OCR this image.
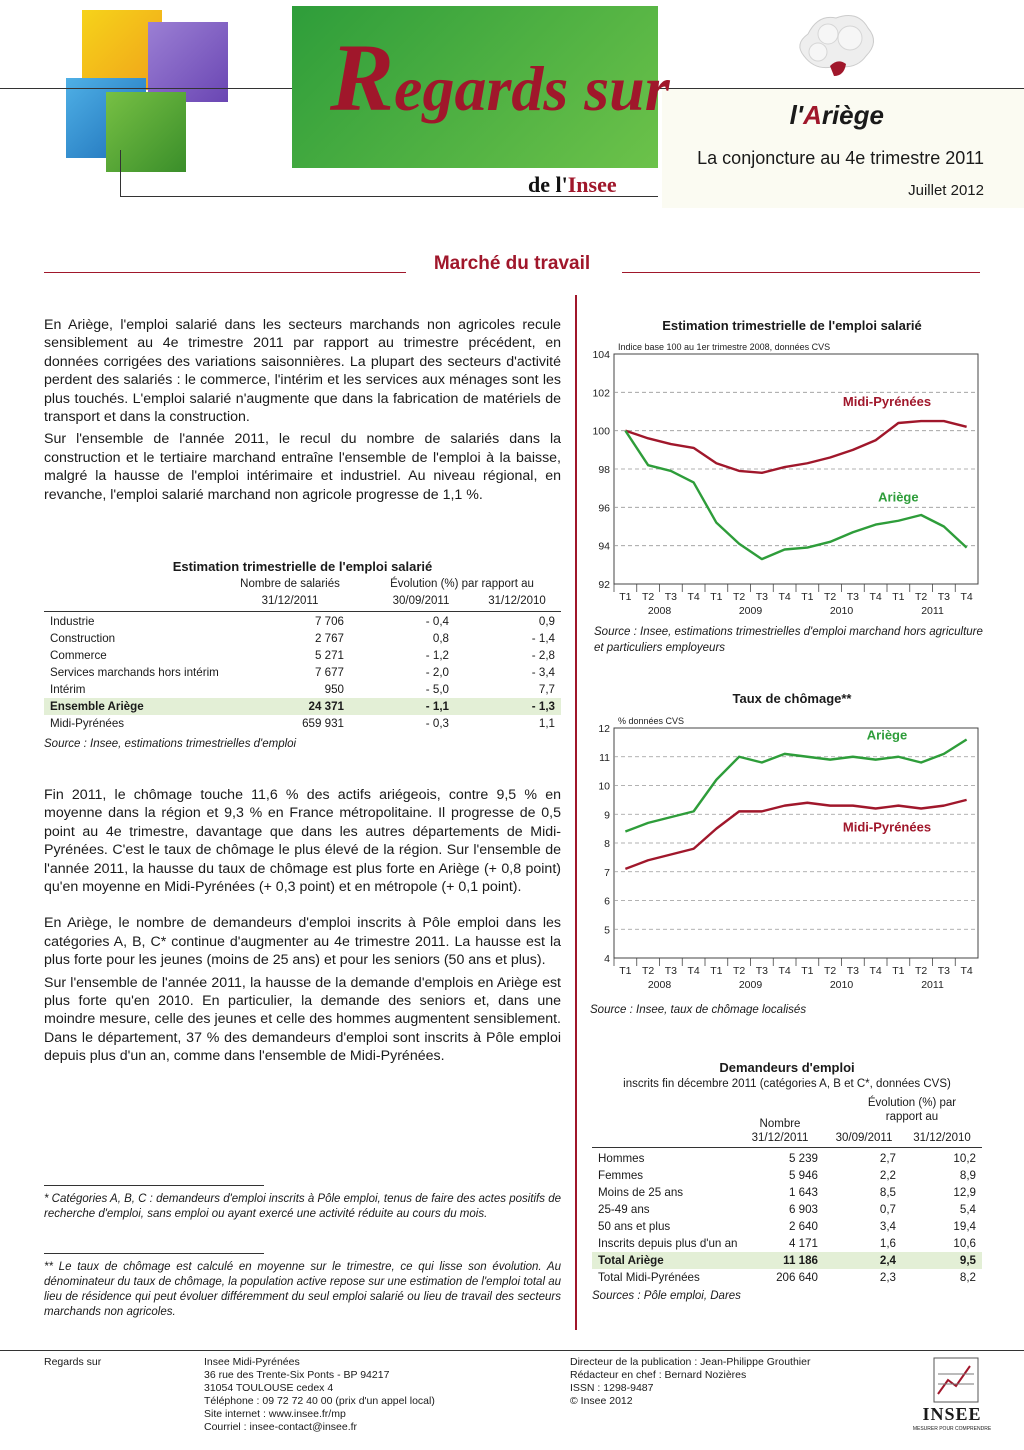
Regards sur
de l'Insee
l'Ariège
La conjoncture au 4e trimestre 2011
Juillet 2012
Marché du travail

En Ariège, l'emploi salarié dans les secteurs marchands non agricoles recule sensiblement au 4e trimestre 2011 par rapport au trimestre précédent, en données corrigées des variations saisonnières. La plupart des secteurs d'activité perdent des salariés : le commerce, l'intérim et les services aux ménages sont les plus touchés. L'emploi salarié n'augmente que dans la fabrication de matériels de transport et dans la construction.

Sur l'ensemble de l'année 2011, le recul du nombre de salariés dans la construction et le tertiaire marchand entraîne l'ensemble de l'emploi à la baisse, malgré la hausse de l'emploi intérimaire et industriel. Au niveau régional, en revanche, l'emploi salarié marchand non agricole progresse de 1,1 %.

Estimation trimestrielle de l'emploi salarié
Nombre de salariés
31/12/2011
Évolution (%) par rapport au
30/09/2011	31/12/2010
Industrie	7 706	- 0,4	0,9
Construction	2 767	0,8	- 1,4
Commerce	5 271	- 1,2	- 2,8
Services marchands hors intérim	7 677	- 2,0	- 3,4
Intérim	950	- 5,0	7,7
Ensemble Ariège	24 371	- 1,1	- 1,3
Midi-Pyrénées	659 931	- 0,3	1,1
Source : Insee, estimations trimestrielles d'emploi

Fin 2011, le chômage touche 11,6 % des actifs ariégeois, contre 9,5 % en moyenne dans la région et 9,3 % en France métropolitaine. Il progresse de 0,5 point au 4e trimestre, davantage que dans les autres départements de Midi-Pyrénées. C'est le taux de chômage le plus élevé de la région. Sur l'ensemble de l'année 2011, la hausse du taux de chômage est plus forte en Ariège (+ 0,8 point) qu'en moyenne en Midi-Pyrénées (+ 0,3 point) et en métropole (+ 0,1 point).

En Ariège, le nombre de demandeurs d'emploi inscrits à Pôle emploi dans les catégories A, B, C* continue d'augmenter au 4e trimestre 2011. La hausse est la plus forte pour les jeunes (moins de 25 ans) et pour les seniors (50 ans et plus).

Sur l'ensemble de l'année 2011, la hausse de la demande d'emplois en Ariège est plus forte qu'en 2010. En particulier, la demande des seniors et, dans une moindre mesure, celle des jeunes et celle des hommes augmentent sensiblement. Dans le département, 37 % des demandeurs d'emploi sont inscrits à Pôle emploi depuis plus d'un an, comme dans l'ensemble de Midi-Pyrénées.

* Catégories A, B, C : demandeurs d'emploi inscrits à Pôle emploi, tenus de faire des actes positifs de recherche d'emploi, sans emploi ou ayant exercé une activité réduite au cours du mois.
** Le taux de chômage est calculé en moyenne sur le trimestre, ce qui lisse son évolution. Au dénominateur du taux de chômage, la population active repose sur une estimation de l'emploi total au lieu de résidence qui peut évoluer différemment du seul emploi salarié ou lieu de travail des secteurs marchands non agricoles.
Estimation trimestrielle de l'emploi salarié
Indice base 100 au 1er trimestre 2008, données CVS
92
94
96
98
100
102
104
T1 T2 T3 T4 T1 T2 T3 T4 T1 T2 T3 T4 T1 T2 T3 T4
2008	2009	2010	2011
Midi-Pyrénées
Ariège
Source : Insee, estimations trimestrielles d'emploi marchand hors agriculture et particuliers employeurs
Taux de chômage**
% données CVS
4
5
6
7
8
9
10
11
12
T1 T2 T3 T4 T1 T2 T3 T4 T1 T2 T3 T4 T1 T2 T3 T4
2008	2009	2010	2011
Ariège
Midi-Pyrénées
Source : Insee, taux de chômage localisés
Demandeurs d'emploi
inscrits fin décembre 2011 (catégories A, B et C*, données CVS)
Nombre
31/12/2011
Évolution (%) par rapport au
30/09/2011	31/12/2010
Hommes	5 239	2,7	10,2
Femmes	5 946	2,2	8,9
Moins de 25 ans	1 643	8,5	12,9
25-49 ans	6 903	0,7	5,4
50 ans et plus	2 640	3,4	19,4
Inscrits depuis plus d'un an	4 171	1,6	10,6
Total Ariège	11 186	2,4	9,5
Total Midi-Pyrénées	206 640	2,3	8,2
Sources : Pôle emploi, Dares
Regards sur	Insee Midi-Pyrénées
36 rue des Trente-Six Ponts - BP 94217
31054 TOULOUSE cedex 4
Téléphone : 09 72 72 40 00 (prix d'un appel local)
Site internet : www.insee.fr/mp
Courriel : insee-contact@insee.fr
Directeur de la publication : Jean-Philippe Grouthier
Rédacteur en chef : Bernard Nozières
ISSN : 1298-9487
© Insee 2012
INSEE
MESURER POUR COMPRENDRE
